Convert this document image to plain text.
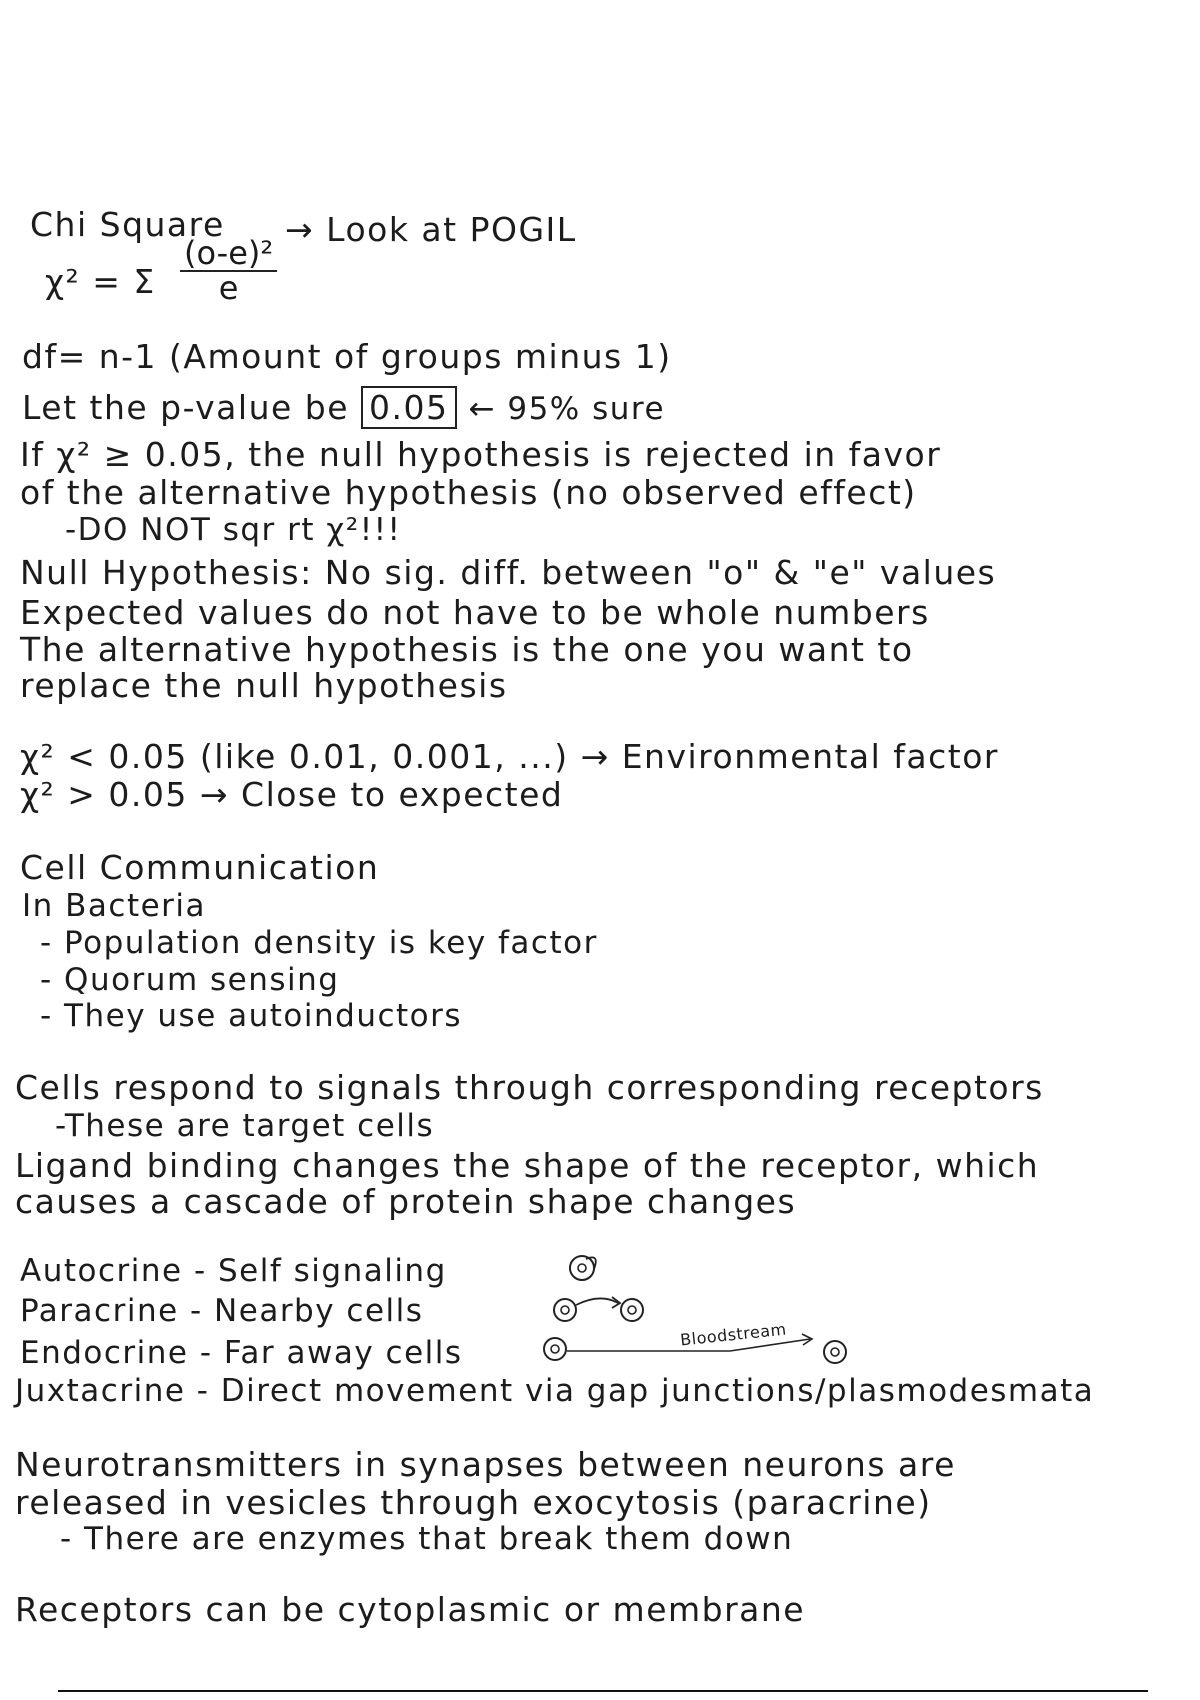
Chi Square → Look at POGIL
χ² = Σ $\frac{\text{(o-e)²}}{e}$
df= n-1 (Amount of groups minus 1)
Let the p-value be 0.05 ← 95% sure
If χ² ≥ 0.05, the null hypothesis is rejected in favor
of the alternative hypothesis (no observed effect)
-DO NOT sqr rt χ²!!!
Null Hypothesis: No sig. diff. between "o" & "e" values
Expected values do not have to be whole numbers
The alternative hypothesis is the one you want to
replace the null hypothesis
χ² < 0.05 (like 0.01, 0.001, ...) → Environmental factor
χ² > 0.05 → Close to expected
Cell Communication
In Bacteria
- Population density is key factor
- Quorum sensing
- They use autoinductors
Cells respond to signals through corresponding receptors
-These are target cells
Ligand binding changes the shape of the receptor, which
causes a cascade of protein shape changes
Autocrine - Self signaling
Paracrine - Nearby cells
Endocrine - Far away cells
Juxtacrine - Direct movement via gap junctions/plasmodesmata
Bloodstream
Neurotransmitters in synapses between neurons are
released in vesicles through exocytosis (paracrine)
- There are enzymes that break them down
Receptors can be cytoplasmic or membrane
